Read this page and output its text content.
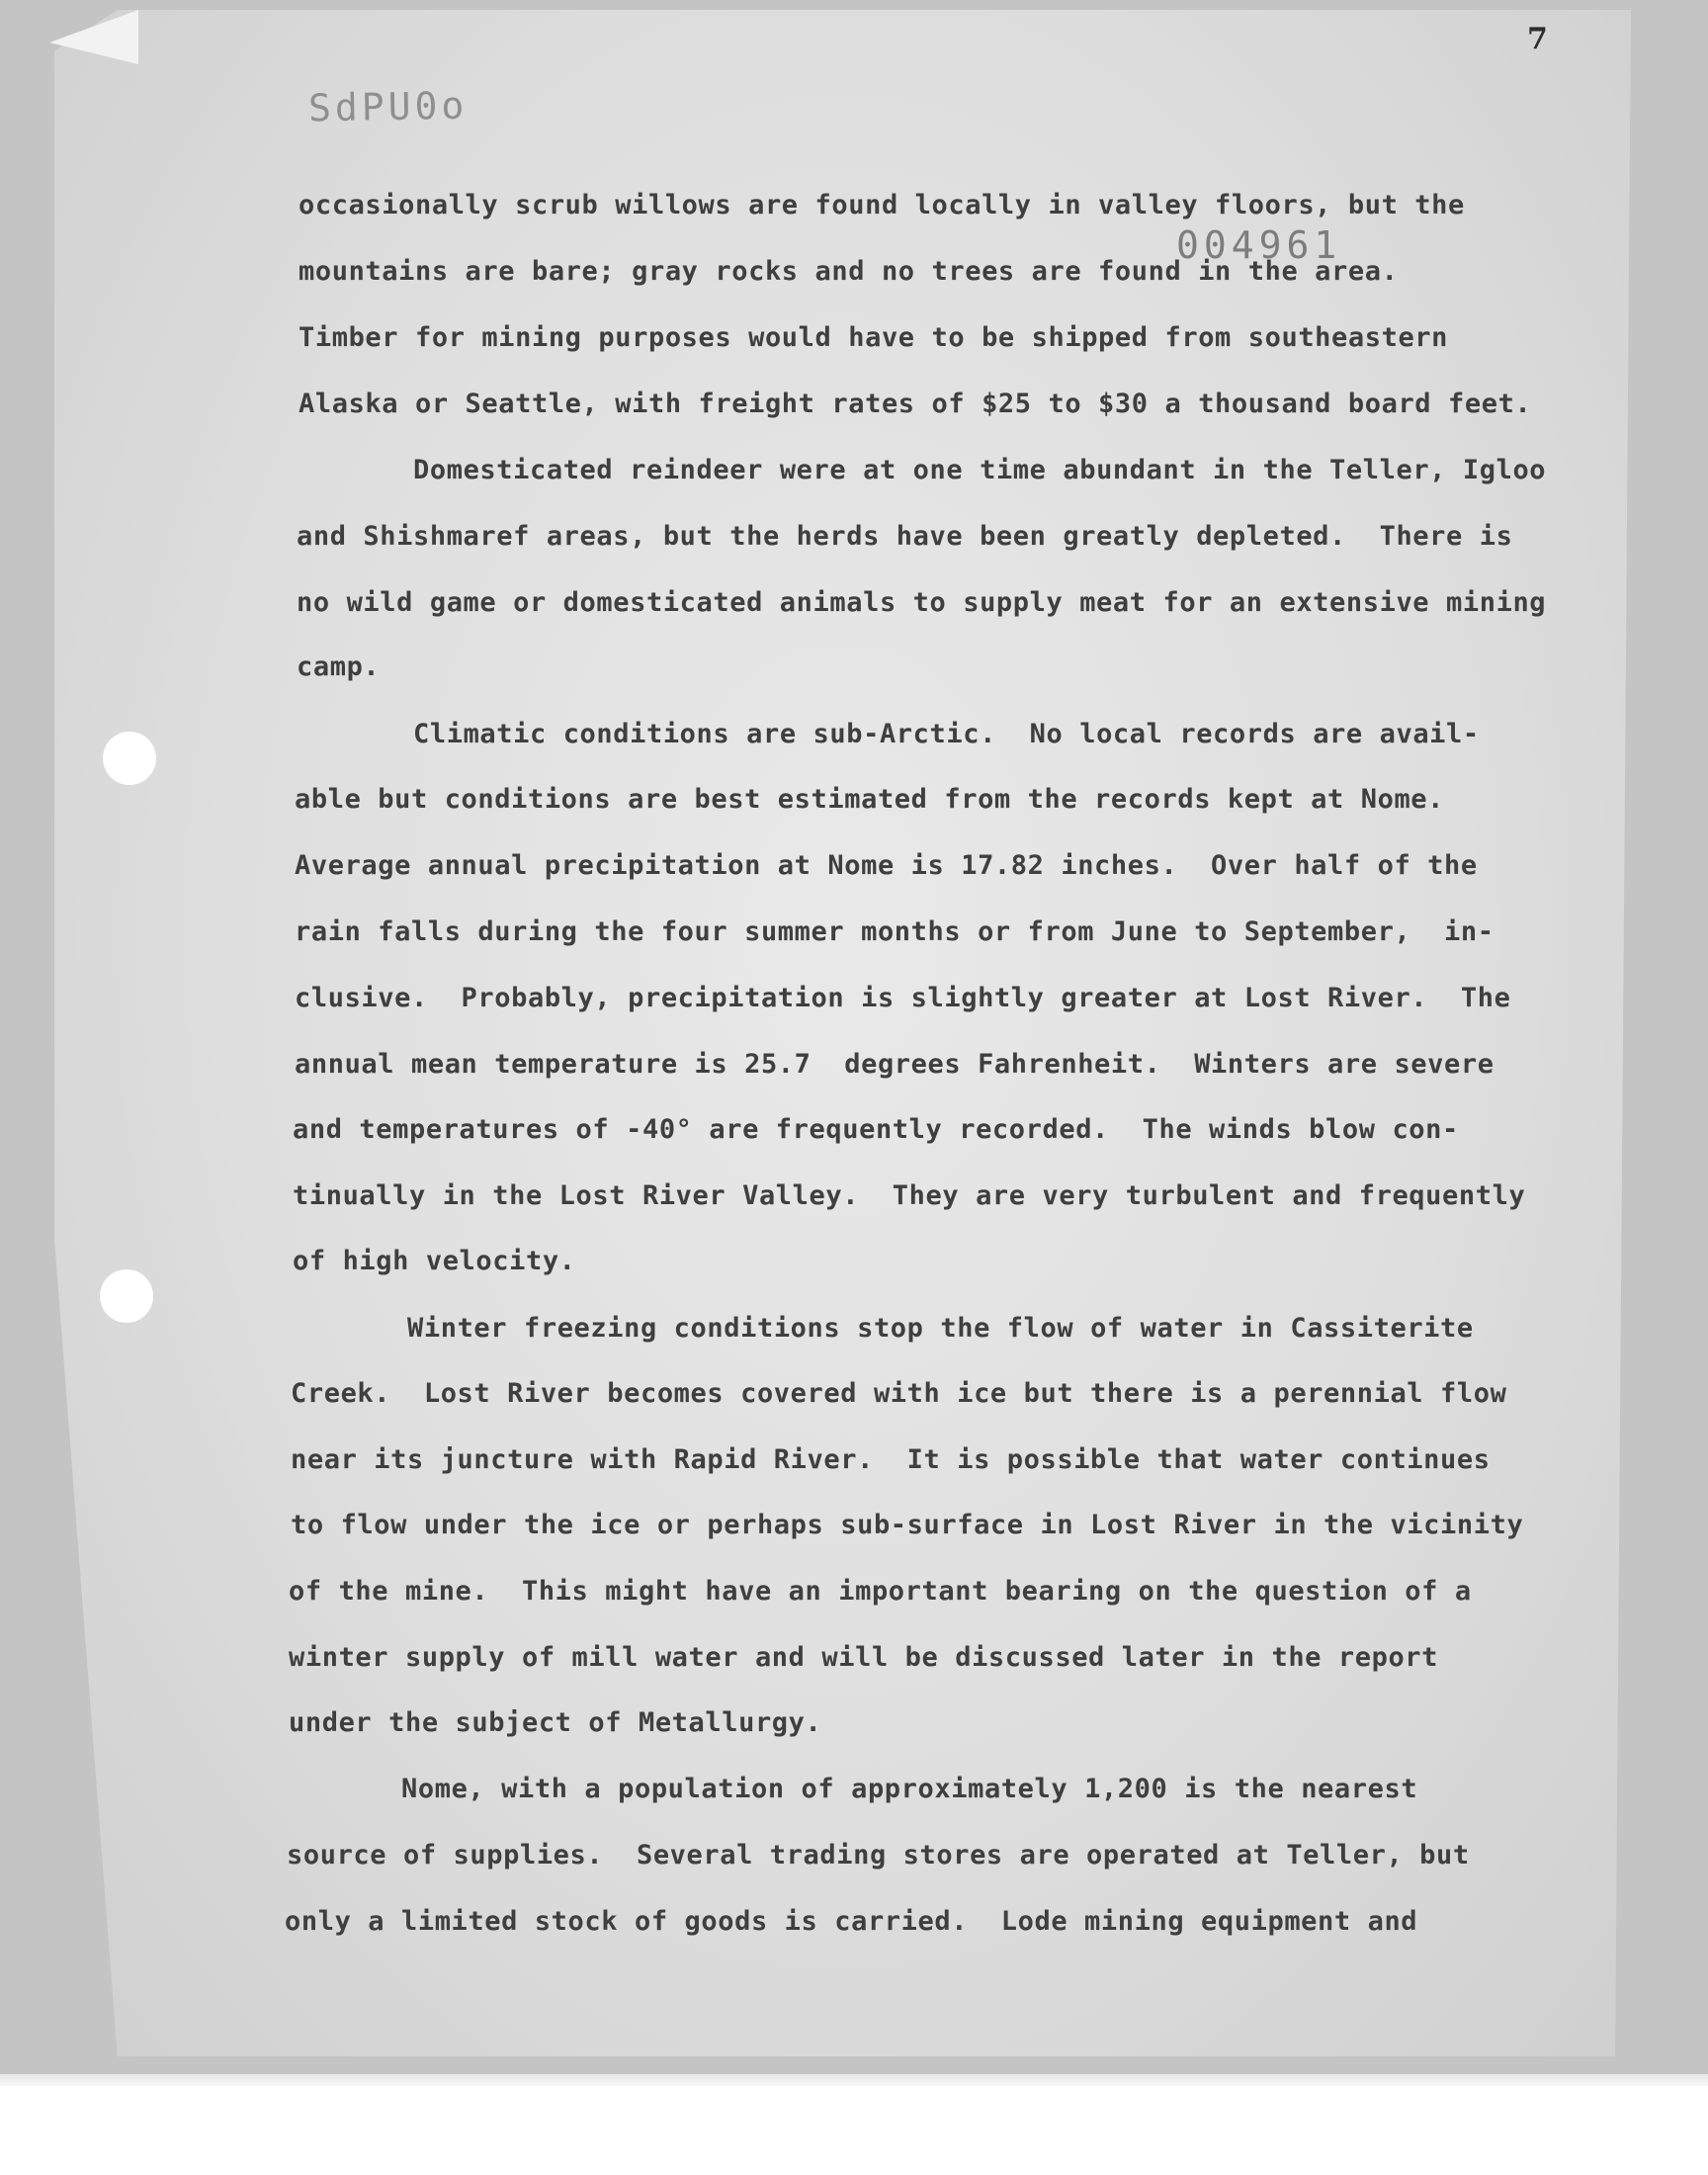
7
SdPU0o
004961
occasionally scrub willows are found locally in valley floors, but the
mountains are bare; gray rocks and no trees are found in the area.
Timber for mining purposes would have to be shipped from southeastern
Alaska or Seattle, with freight rates of $25 to $30 a thousand board feet.
Domesticated reindeer were at one time abundant in the Teller, Igloo
and Shishmaref areas, but the herds have been greatly depleted.  There is
no wild game or domesticated animals to supply meat for an extensive mining
camp.
Climatic conditions are sub-Arctic.  No local records are avail-
able but conditions are best estimated from the records kept at Nome.
Average annual precipitation at Nome is 17.82 inches.  Over half of the
rain falls during the four summer months or from June to September,  in-
clusive.  Probably, precipitation is slightly greater at Lost River.  The
annual mean temperature is 25.7  degrees Fahrenheit.  Winters are severe
and temperatures of -40° are frequently recorded.  The winds blow con-
tinually in the Lost River Valley.  They are very turbulent and frequently
of high velocity.
Winter freezing conditions stop the flow of water in Cassiterite
Creek.  Lost River becomes covered with ice but there is a perennial flow
near its juncture with Rapid River.  It is possible that water continues
to flow under the ice or perhaps sub-surface in Lost River in the vicinity
of the mine.  This might have an important bearing on the question of a
winter supply of mill water and will be discussed later in the report
under the subject of Metallurgy.
Nome, with a population of approximately 1,200 is the nearest
source of supplies.  Several trading stores are operated at Teller, but
only a limited stock of goods is carried.  Lode mining equipment and
